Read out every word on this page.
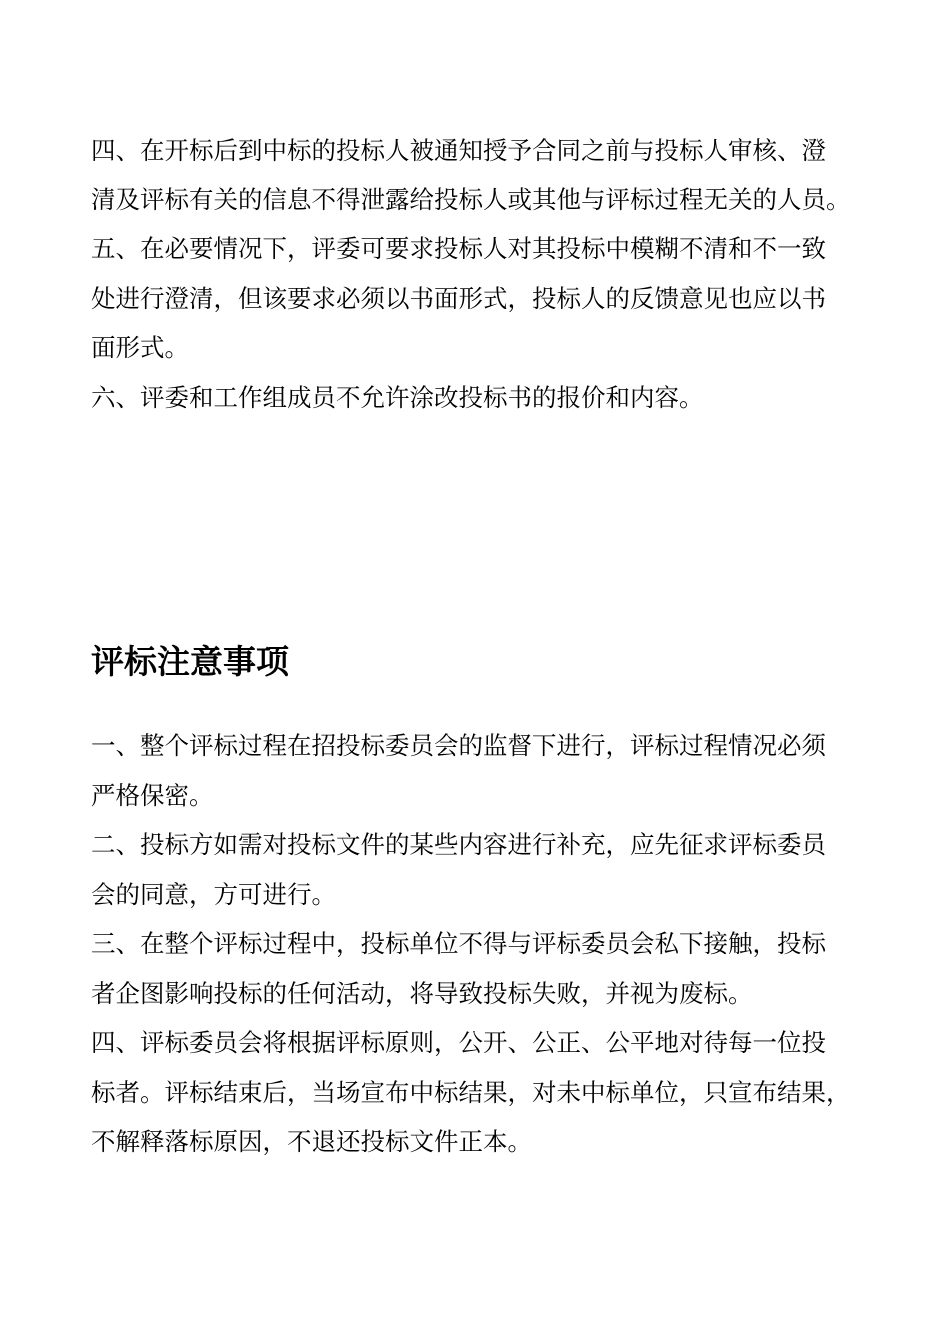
四、在开标后到中标的投标人被通知授予合同之前与投标人审核、澄

清及评标有关的信息不得泄露给投标人或其他与评标过程无关的人员。

五、在必要情况下，评委可要求投标人对其投标中模糊不清和不一致

处进行澄清，但该要求必须以书面形式，投标人的反馈意见也应以书

面形式。

六、评委和工作组成员不允许涂改投标书的报价和内容。

评标注意事项

一、整个评标过程在招投标委员会的监督下进行，评标过程情况必须

严格保密。

二、投标方如需对投标文件的某些内容进行补充，应先征求评标委员

会的同意，方可进行。

三、在整个评标过程中，投标单位不得与评标委员会私下接触，投标

者企图影响投标的任何活动，将导致投标失败，并视为废标。

四、评标委员会将根据评标原则，公开、公正、公平地对待每一位投

标者。评标结束后，当场宣布中标结果，对未中标单位，只宣布结果，

不解释落标原因，不退还投标文件正本。
